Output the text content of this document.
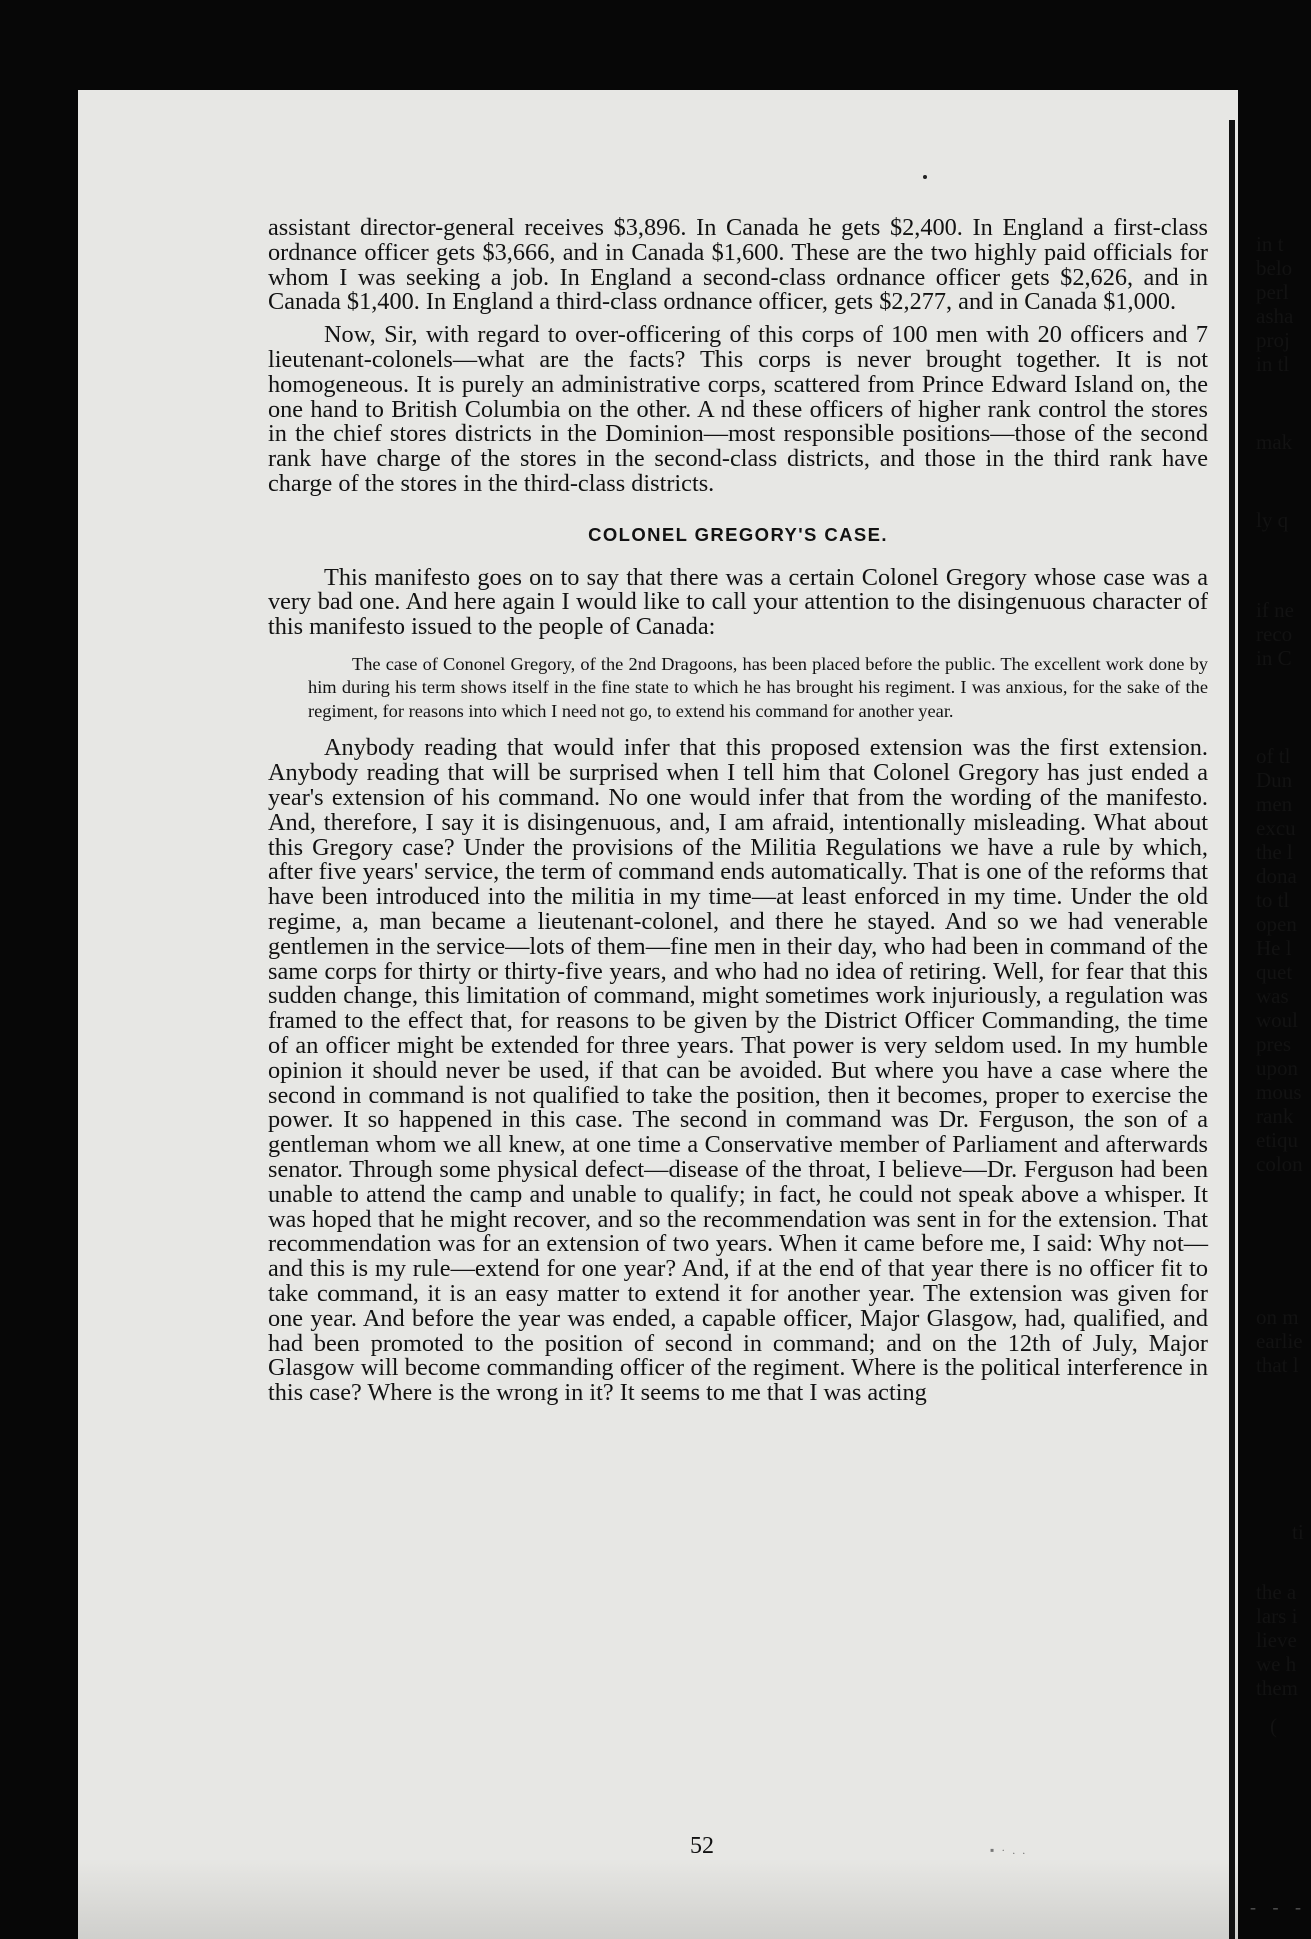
in t
belo
perl
asha
proj
in tl
mak
ly q
if ne
reco
in C
of tl
Dun
men
excu
the l
dona
to tl
open
He l
quet
was
woul
pres
upon
mous
rank
etiqu
colon
on m
earlie
that l
ti
the a
lars i
lieve
we h
them
(

assistant director-general receives $3,896. In Canada he gets $2,400. In England a first-class ordnance officer gets $3,666, and in Canada $1,600. These are the two highly paid officials for whom I was seeking a job. In England a second-class ordnance officer gets $2,626, and in Canada $1,400. In England a third-class ordnance officer, gets $2,277, and in Canada $1,000.

Now, Sir, with regard to over-officering of this corps of 100 men with 20 officers and 7 lieutenant-colonels—what are the facts? This corps is never brought together. It is not homogeneous. It is purely an administrative corps, scattered from Prince Edward Island on, the one hand to British Columbia on the other. A nd these officers of higher rank control the stores in the chief stores districts in the Dominion—most responsible positions—those of the second rank have charge of the stores in the second-class districts, and those in the third rank have charge of the stores in the third-class districts.

COLONEL GREGORY'S CASE.

This manifesto goes on to say that there was a certain Colonel Gregory whose case was a very bad one. And here again I would like to call your attention to the disingenuous character of this manifesto issued to the people of Canada:

The case of Cononel Gregory, of the 2nd Dragoons, has been placed before the public. The excellent work done by him during his term shows itself in the fine state to which he has brought his regiment. I was anxious, for the sake of the regiment, for reasons into which I need not go, to extend his command for another year.

Anybody reading that would infer that this proposed extension was the first extension. Anybody reading that will be surprised when I tell him that Colonel Gregory has just ended a year's extension of his command. No one would infer that from the wording of the manifesto. And, therefore, I say it is disingenuous, and, I am afraid, intentionally misleading. What about this Gregory case? Under the provisions of the Militia Regulations we have a rule by which, after five years' service, the term of command ends automatically. That is one of the reforms that have been introduced into the militia in my time—at least enforced in my time. Under the old regime, a, man became a lieutenant-colonel, and there he stayed. And so we had venerable gentlemen in the service—lots of them—fine men in their day, who had been in command of the same corps for thirty or thirty-five years, and who had no idea of retiring. Well, for fear that this sudden change, this limitation of command, might sometimes work injuriously, a regulation was framed to the effect that, for reasons to be given by the District Officer Commanding, the time of an officer might be extended for three years. That power is very seldom used. In my humble opinion it should never be used, if that can be avoided. But where you have a case where the second in command is not qualified to take the position, then it becomes, proper to exercise the power. It so happened in this case. The second in command was Dr. Ferguson, the son of a gentleman whom we all knew, at one time a Conservative member of Parliament and afterwards senator. Through some physical defect—disease of the throat, I believe—Dr. Ferguson had been unable to attend the camp and unable to qualify; in fact, he could not speak above a whisper. It was hoped that he might recover, and so the recommendation was sent in for the extension. That recommendation was for an extension of two years. When it came before me, I said: Why not—and this is my rule—extend for one year? And, if at the end of that year there is no officer fit to take command, it is an easy matter to extend it for another year. The extension was given for one year. And before the year was ended, a capable officer, Major Glasgow, had, qualified, and had been promoted to the position of second in command; and on the 12th of July, Major Glasgow will become commanding officer of the regiment. Where is the political interference in this case? Where is the wrong in it? It seems to me that I was acting

52	▪ · . .
- - -
